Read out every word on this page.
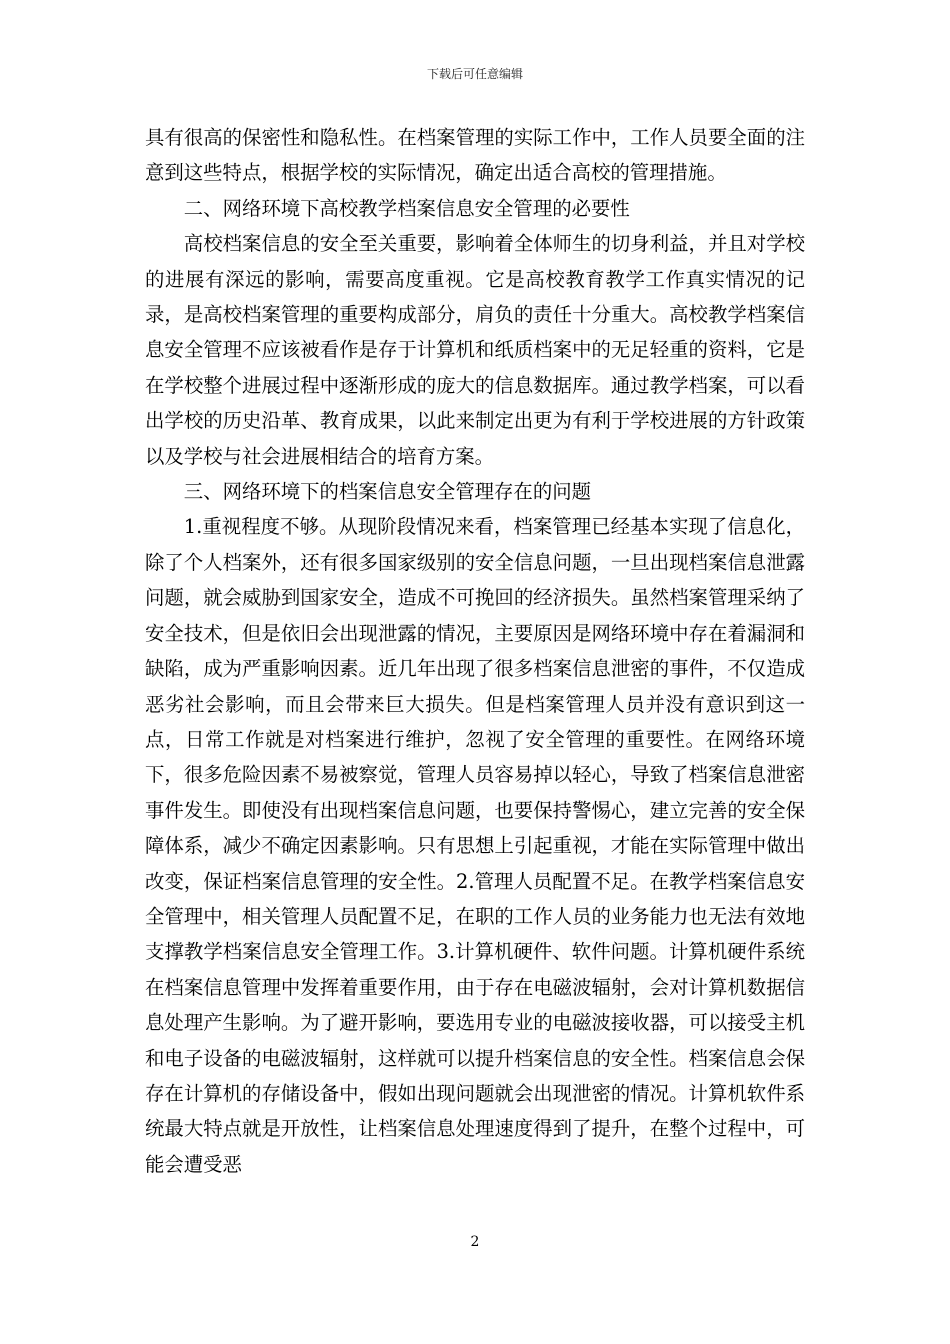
下载后可任意编辑

具有很高的保密性和隐私性。在档案管理的实际工作中，工作人员要全面的注意到这些特点，根据学校的实际情况，确定出适合高校的管理措施。

二、网络环境下高校教学档案信息安全管理的必要性

高校档案信息的安全至关重要，影响着全体师生的切身利益，并且对学校的进展有深远的影响，需要高度重视。它是高校教育教学工作真实情况的记录，是高校档案管理的重要构成部分，肩负的责任十分重大。高校教学档案信息安全管理不应该被看作是存于计算机和纸质档案中的无足轻重的资料，它是在学校整个进展过程中逐渐形成的庞大的信息数据库。通过教学档案，可以看出学校的历史沿革、教育成果，以此来制定出更为有利于学校进展的方针政策以及学校与社会进展相结合的培育方案。

三、网络环境下的档案信息安全管理存在的问题

1.重视程度不够。从现阶段情况来看，档案管理已经基本实现了信息化，除了个人档案外，还有很多国家级别的安全信息问题，一旦出现档案信息泄露问题，就会威胁到国家安全，造成不可挽回的经济损失。虽然档案管理采纳了安全技术，但是依旧会出现泄露的情况，主要原因是网络环境中存在着漏洞和缺陷，成为严重影响因素。近几年出现了很多档案信息泄密的事件，不仅造成恶劣社会影响，而且会带来巨大损失。但是档案管理人员并没有意识到这一点，日常工作就是对档案进行维护，忽视了安全管理的重要性。在网络环境下，很多危险因素不易被察觉，管理人员容易掉以轻心，导致了档案信息泄密事件发生。即使没有出现档案信息问题，也要保持警惕心，建立完善的安全保障体系，减少不确定因素影响。只有思想上引起重视，才能在实际管理中做出改变，保证档案信息管理的安全性。2.管理人员配置不足。在教学档案信息安全管理中，相关管理人员配置不足，在职的工作人员的业务能力也无法有效地支撑教学档案信息安全管理工作。3.计算机硬件、软件问题。计算机硬件系统在档案信息管理中发挥着重要作用，由于存在电磁波辐射，会对计算机数据信息处理产生影响。为了避开影响，要选用专业的电磁波接收器，可以接受主机和电子设备的电磁波辐射，这样就可以提升档案信息的安全性。档案信息会保存在计算机的存储设备中，假如出现问题就会出现泄密的情况。计算机软件系统最大特点就是开放性，让档案信息处理速度得到了提升，在整个过程中，可能会遭受恶

2
